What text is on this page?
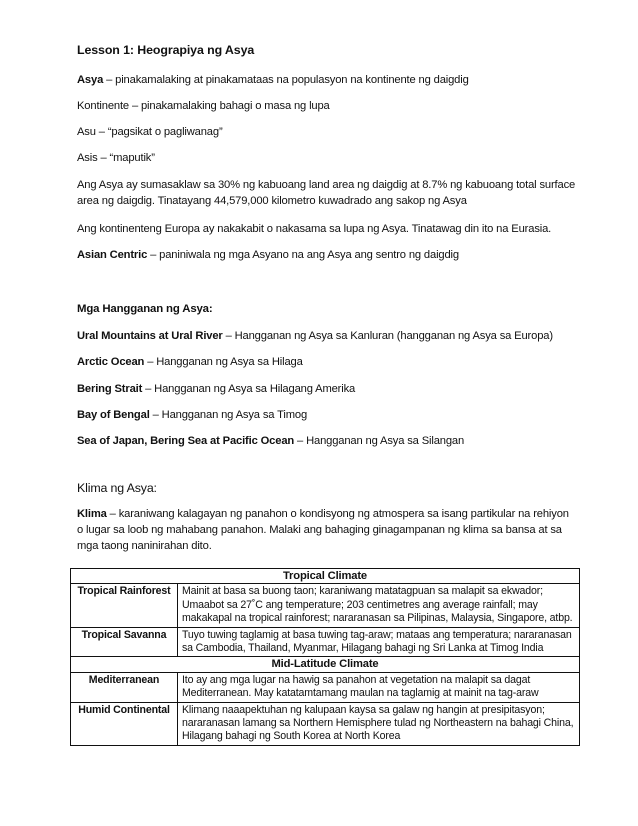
Lesson 1: Heograpiya ng Asya
Asya – pinakamalaking at pinakamataas na populasyon na kontinente ng daigdig
Kontinente – pinakamalaking bahagi o masa ng lupa
Asu – “pagsikat o pagliwanag”
Asis – “maputik”
Ang Asya ay sumasaklaw sa 30% ng kabuoang land area ng daigdig at 8.7% ng kabuoang total surface area ng daigdig. Tinatayang 44,579,000 kilometro kuwadrado ang sakop ng Asya
Ang kontinenteng Europa ay nakakabit o nakasama sa lupa ng Asya. Tinatawag din ito na Eurasia.
Asian Centric – paniniwala ng mga Asyano na ang Asya ang sentro ng daigdig
Mga Hangganan ng Asya:
Ural Mountains at Ural River – Hangganan ng Asya sa Kanluran (hangganan ng Asya sa Europa)
Arctic Ocean – Hangganan ng Asya sa Hilaga
Bering Strait – Hangganan ng Asya sa Hilagang Amerika
Bay of Bengal – Hangganan ng Asya sa Timog
Sea of Japan, Bering Sea at Pacific Ocean – Hangganan ng Asya sa Silangan
Klima ng Asya:
Klima – karaniwang kalagayan ng panahon o kondisyong ng atmospera sa isang partikular na rehiyon o lugar sa loob ng mahabang panahon. Malaki ang bahaging ginagampanan ng klima sa bansa at sa mga taong naninirahan dito.
Tropical Climate	
Tropical Rainforest	Mainit at basa sa buong taon; karaniwang matatagpuan sa malapit sa ekwador; Umaabot sa 27˚C ang temperature; 203 centimetres ang average rainfall; may makakapal na tropical rainforest; nararanasan sa Pilipinas, Malaysia, Singapore, atbp.
Tropical Savanna	Tuyo tuwing taglamig at basa tuwing tag-araw; mataas ang temperatura; nararanasan sa Cambodia, Thailand, Myanmar, Hilagang bahagi ng Sri Lanka at Timog India
Mid-Latitude Climate	
Mediterranean	Ito ay ang mga lugar na hawig sa panahon at vegetation na malapit sa dagat Mediterranean. May katatamtamang maulan na taglamig at mainit na tag-araw
Humid Continental	Klimang naaapektuhan ng kalupaan kaysa sa galaw ng hangin at presipitasyon; nararanasan lamang sa Northern Hemisphere tulad ng Northeastern na bahagi China, Hilagang bahagi ng South Korea at North Korea
